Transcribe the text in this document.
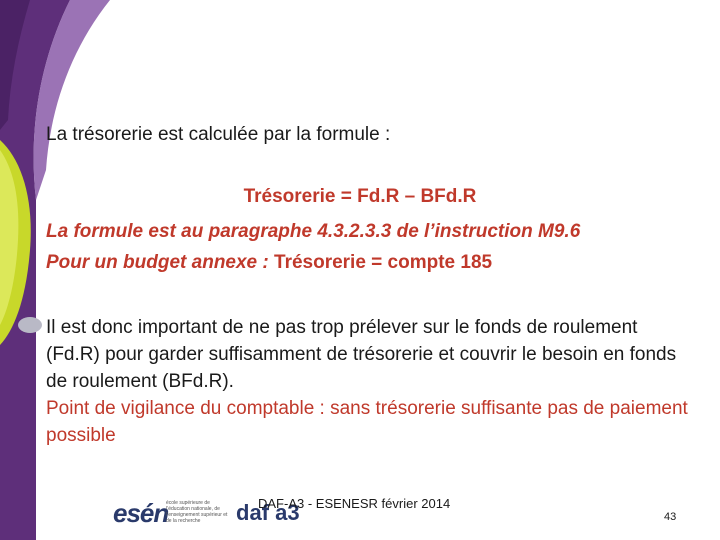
La trésorerie est calculée par la formule :
Trésorerie = Fd.R – BFd.R
La formule est au paragraphe 4.3.2.3.3 de l’instruction M9.6
Pour un budget annexe : Trésorerie = compte 185
Il est donc important de ne pas trop prélever sur le fonds de roulement (Fd.R) pour garder suffisamment de trésorerie et couvrir le besoin en fonds de roulement (BFd.R).
Point de vigilance du comptable : sans trésorerie suffisante pas de paiement possible
esén
école supérieure de l’éducation nationale, de l’enseignement supérieur et de la recherche	daf a3
DAF-A3 - ESENESR février 2014
43
